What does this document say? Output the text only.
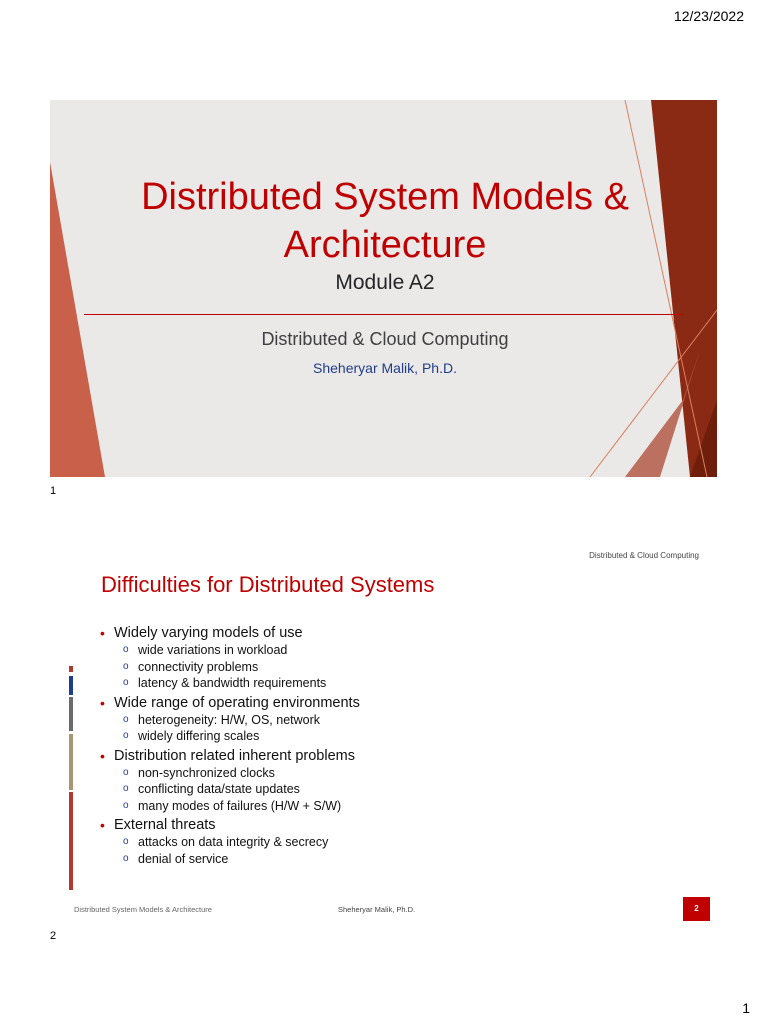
12/23/2022
Distributed System Models &
Architecture
Module A2
Distributed & Cloud Computing
Sheheryar Malik, Ph.D.
1
Distributed & Cloud Computing
Difficulties for Distributed Systems
• Widely varying models of use
o wide variations in workload
o connectivity problems
o latency & bandwidth requirements
• Wide range of operating environments
o heterogeneity: H/W, OS, network
o widely differing scales
• Distribution related inherent problems
o non-synchronized clocks
o conflicting data/state updates
o many modes of failures (H/W + S/W)
• External threats
o attacks on data integrity & secrecy
o denial of service
Distributed System Models & Architecture	Sheheryar Malik, Ph.D.	2
2
1
